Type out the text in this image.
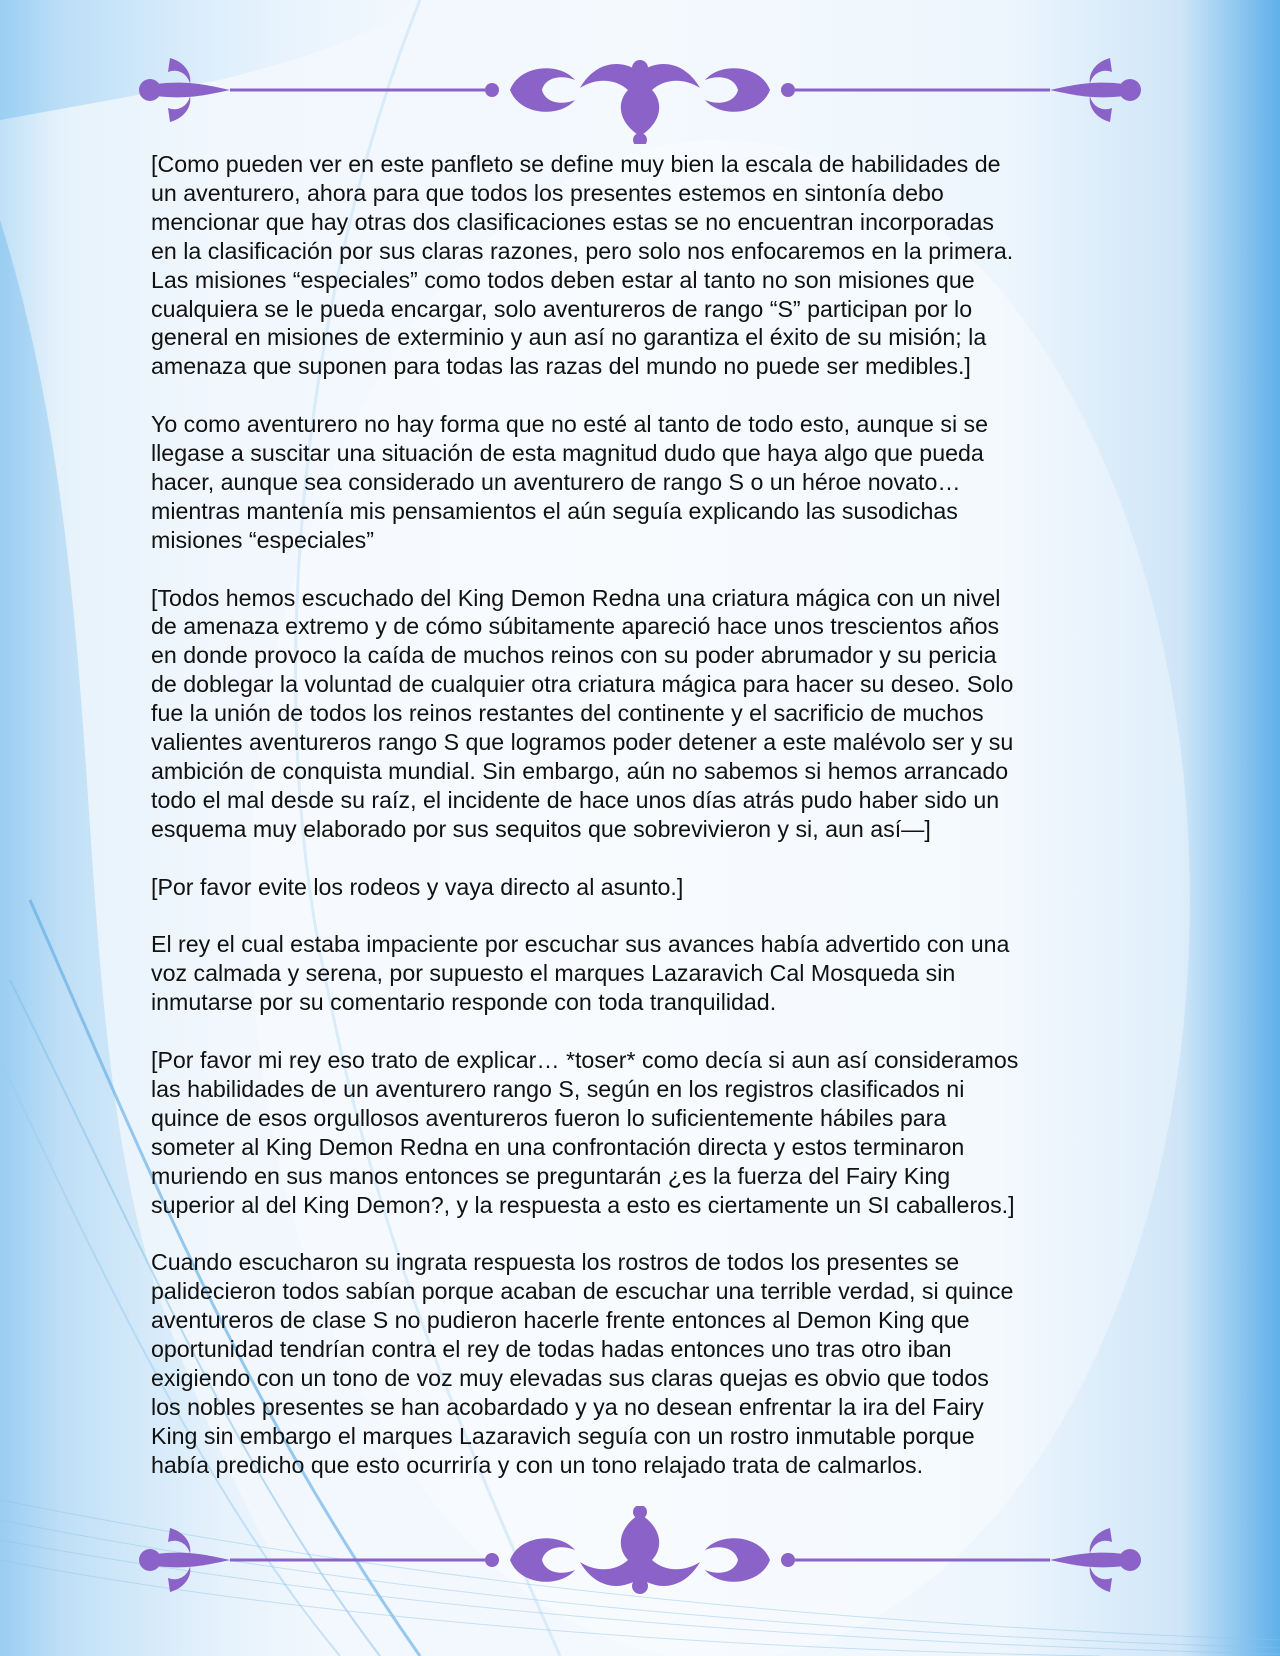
[Como pueden ver en este panfleto se define muy bien la escala de habilidades de
un aventurero, ahora para que todos los presentes estemos en sintonía debo
mencionar que hay otras dos clasificaciones estas se no encuentran incorporadas
en la clasificación por sus claras razones, pero solo nos enfocaremos en la primera.
Las misiones “especiales” como todos deben estar al tanto no son misiones que
cualquiera se le pueda encargar, solo aventureros de rango “S” participan por lo
general en misiones de exterminio y aun así no garantiza el éxito de su misión; la
amenaza que suponen para todas las razas del mundo no puede ser medibles.]

Yo como aventurero no hay forma que no esté al tanto de todo esto, aunque si se
llegase a suscitar una situación de esta magnitud dudo que haya algo que pueda
hacer, aunque sea considerado un aventurero de rango S o un héroe novato…
mientras mantenía mis pensamientos el aún seguía explicando las susodichas
misiones “especiales”

[Todos hemos escuchado del King Demon Redna una criatura mágica con un nivel
de amenaza extremo y de cómo súbitamente apareció hace unos trescientos años
en donde provoco la caída de muchos reinos con su poder abrumador y su pericia
de doblegar la voluntad de cualquier otra criatura mágica para hacer su deseo. Solo
fue la unión de todos los reinos restantes del continente y el sacrificio de muchos
valientes aventureros rango S que logramos poder detener a este malévolo ser y su
ambición de conquista mundial. Sin embargo, aún no sabemos si hemos arrancado
todo el mal desde su raíz, el incidente de hace unos días atrás pudo haber sido un
esquema muy elaborado por sus sequitos que sobrevivieron y si, aun así—]

[Por favor evite los rodeos y vaya directo al asunto.]

El rey el cual estaba impaciente por escuchar sus avances había advertido con una
voz calmada y serena, por supuesto el marques Lazaravich Cal Mosqueda sin
inmutarse por su comentario responde con toda tranquilidad.

[Por favor mi rey eso trato de explicar… *toser* como decía si aun así consideramos
las habilidades de un aventurero rango S, según en los registros clasificados ni
quince de esos orgullosos aventureros fueron lo suficientemente hábiles para
someter al King Demon Redna en una confrontación directa y estos terminaron
muriendo en sus manos entonces se preguntarán ¿es la fuerza del Fairy King
superior al del King Demon?, y la respuesta a esto es ciertamente un SI caballeros.]

Cuando escucharon su ingrata respuesta los rostros de todos los presentes se
palidecieron todos sabían porque acaban de escuchar una terrible verdad, si quince
aventureros de clase S no pudieron hacerle frente entonces al Demon King que
oportunidad tendrían contra el rey de todas hadas entonces uno tras otro iban
exigiendo con un tono de voz muy elevadas sus claras quejas es obvio que todos
los nobles presentes se han acobardado y ya no desean enfrentar la ira del Fairy
King sin embargo el marques Lazaravich seguía con un rostro inmutable porque
había predicho que esto ocurriría y con un tono relajado trata de calmarlos.
